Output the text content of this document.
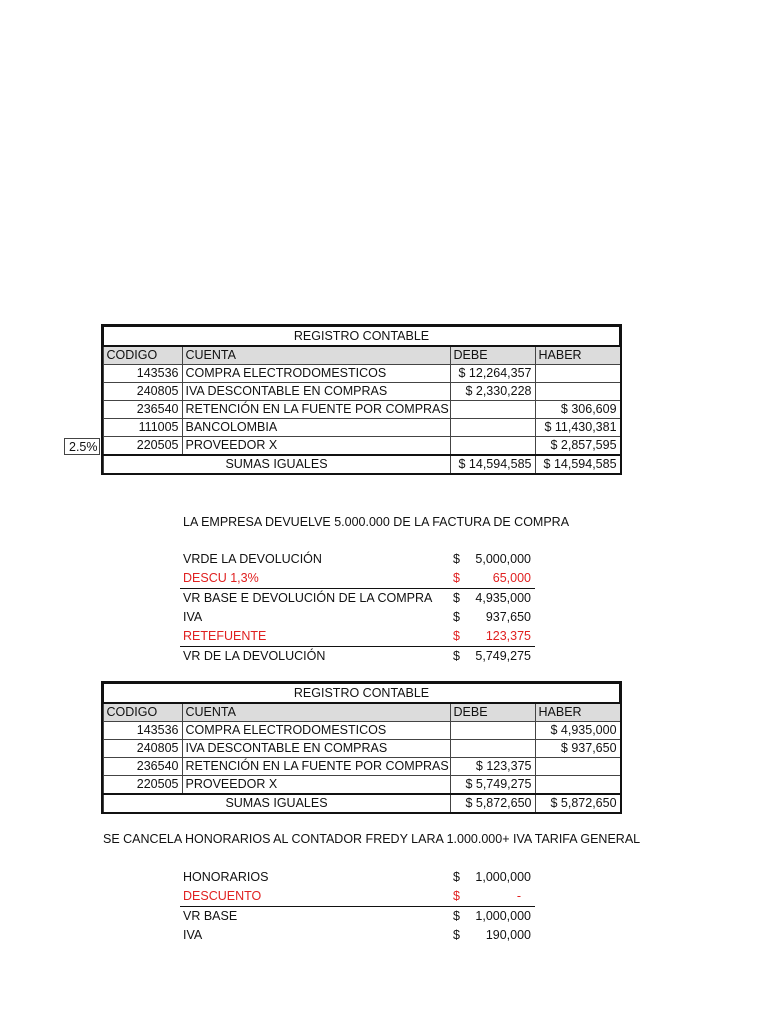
REGISTRO CONTABLE			
CODIGO	CUENTA	DEBE	HABER
143536	COMPRA ELECTRODOMESTICOS	$ 12,264,357	
240805	IVA DESCONTABLE EN COMPRAS	$ 2,330,228	
236540	RETENCIÓN EN LA FUENTE POR COMPRAS		$ 306,609
111005	BANCOLOMBIA		$ 11,430,381
220505	PROVEEDOR X		$ 2,857,595
SUMAS IGUALES		$ 14,594,585	$ 14,594,585
2.5%
LA EMPRESA DEVUELVE 5.000.000 DE LA FACTURA DE COMPRA
VRDE LA DEVOLUCIÓN	$ 5,000,000
DESCU 1,3%	$	65,000
VR BASE E DEVOLUCIÓN DE LA COMPRA $ 4,935,000
IVA	$ 937,650
RETEFUENTE	$ 123,375
VR DE LA DEVOLUCIÓN	$ 5,749,275
REGISTRO CONTABLE			
CODIGO	CUENTA	DEBE	HABER
143536	COMPRA ELECTRODOMESTICOS		$ 4,935,000
240805	IVA DESCONTABLE EN COMPRAS		$ 937,650
236540	RETENCIÓN EN LA FUENTE POR COMPRAS	$ 123,375	
220505	PROVEEDOR X	$ 5,749,275	
SUMAS IGUALES		$ 5,872,650	$ 5,872,650
SE CANCELA HONORARIOS AL CONTADOR FREDY LARA 1.000.000+ IVA TARIFA GENERAL
HONORARIOS	$ 1,000,000
DESCUENTO	$	-
VR BASE	$ 1,000,000
IVA	$ 190,000
